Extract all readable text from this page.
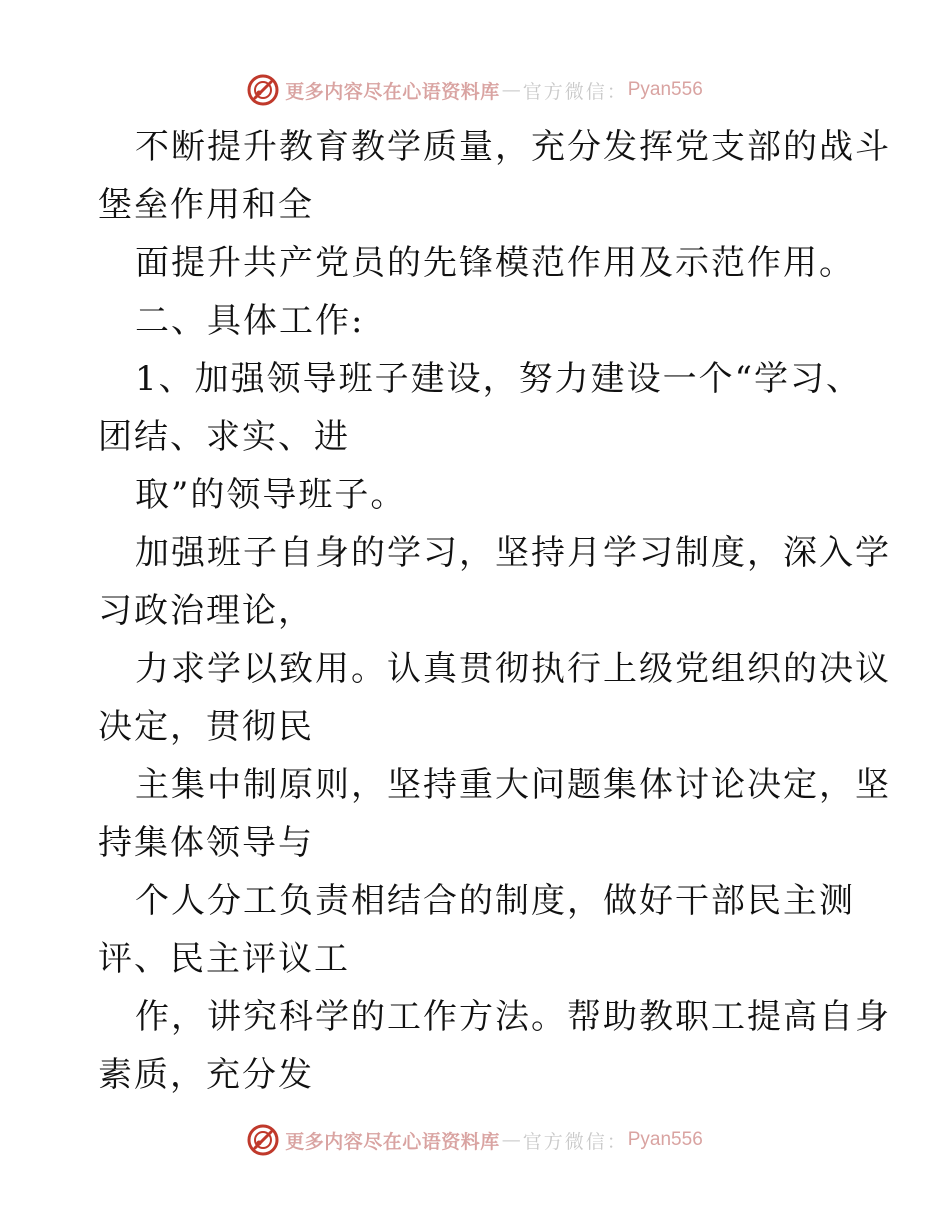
更多内容尽在心语资料库 — 官方微信： Pyan556

不断提升教育教学质量，充分发挥党支部的战斗

堡垒作用和全

面提升共产党员的先锋模范作用及示范作用。

二、具体工作:

1、加强领导班子建设，努力建设一个“学习、

团结、求实、进

取”的领导班子。

加强班子自身的学习，坚持月学习制度，深入学

习政治理论，

力求学以致用。认真贯彻执行上级党组织的决议

决定，贯彻民

主集中制原则，坚持重大问题集体讨论决定，坚

持集体领导与

个人分工负责相结合的制度，做好干部民主测

评、民主评议工

作，讲究科学的工作方法。帮助教职工提高自身

素质，充分发

更多内容尽在心语资料库 — 官方微信： Pyan556
